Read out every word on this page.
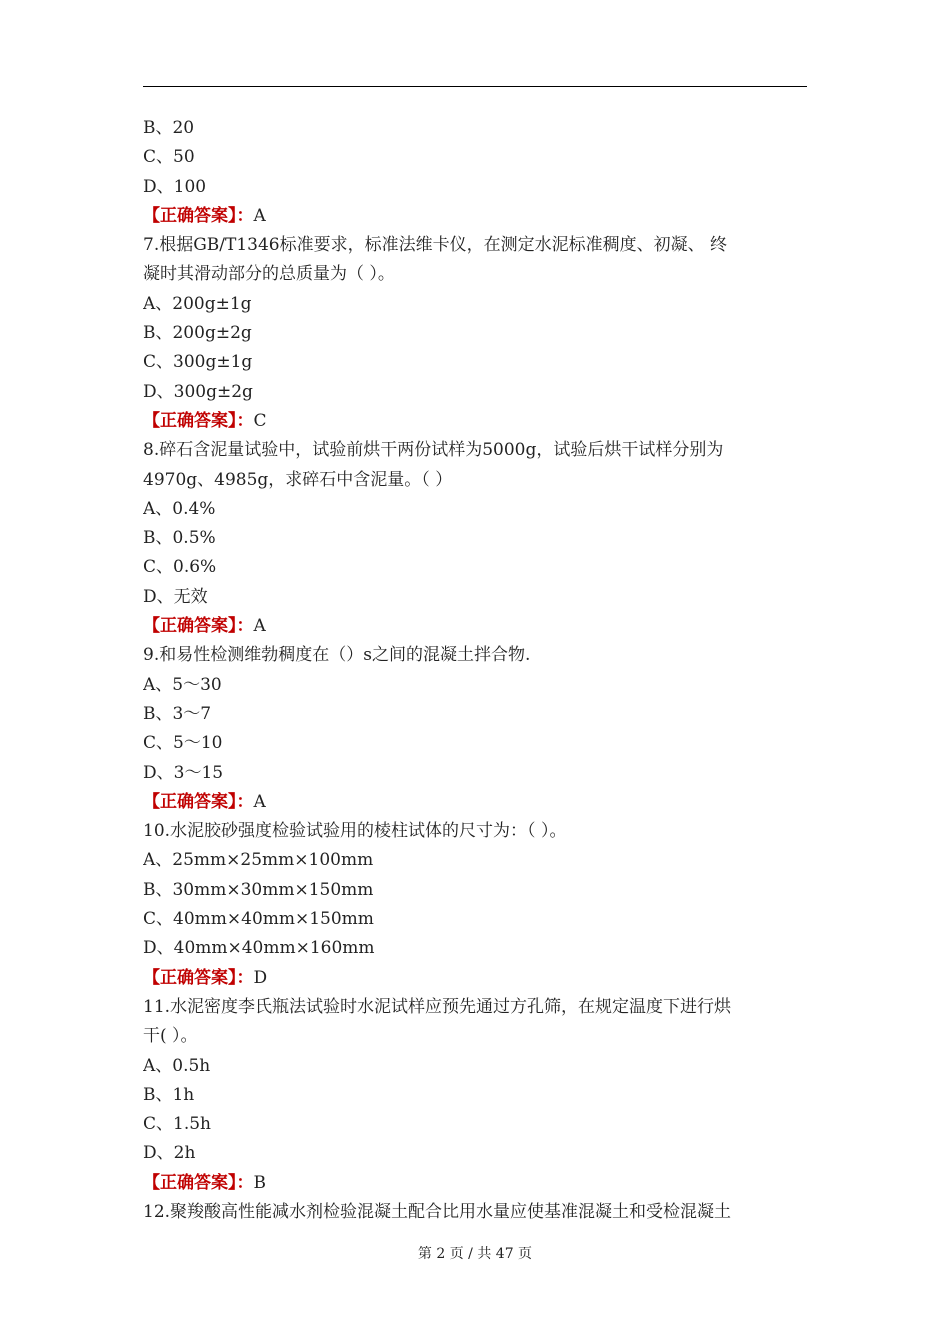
B、20
C、50
D、100
【正确答案】：A
7.根据GB/T1346标准要求，标准法维卡仪，在测定水泥标准稠度、初凝、 终
凝时其滑动部分的总质量为（ ）。
A、200g±1g
B、200g±2g
C、300g±1g
D、300g±2g
【正确答案】：C
8.碎石含泥量试验中，试验前烘干两份试样为5000g，试验后烘干试样分别为
4970g、4985g，求碎石中含泥量。（ ）
A、0.4%
B、0.5%
C、0.6%
D、无效
【正确答案】：A
9.和易性检测维勃稠度在（）s之间的混凝土拌合物.
A、5～30
B、3～7
C、5～10
D、3～15
【正确答案】：A
10.水泥胶砂强度检验试验用的棱柱试体的尺寸为：（ ）。
A、25mm×25mm×100mm
B、30mm×30mm×150mm
C、40mm×40mm×150mm
D、40mm×40mm×160mm
【正确答案】：D
11.水泥密度李氏瓶法试验时水泥试样应预先通过方孔筛，在规定温度下进行烘
干( ）。
A、0.5h
B、1h
C、1.5h
D、2h
【正确答案】：B
12.聚羧酸高性能减水剂检验混凝土配合比用水量应使基准混凝土和受检混凝土
第 2 页 / 共 47 页
